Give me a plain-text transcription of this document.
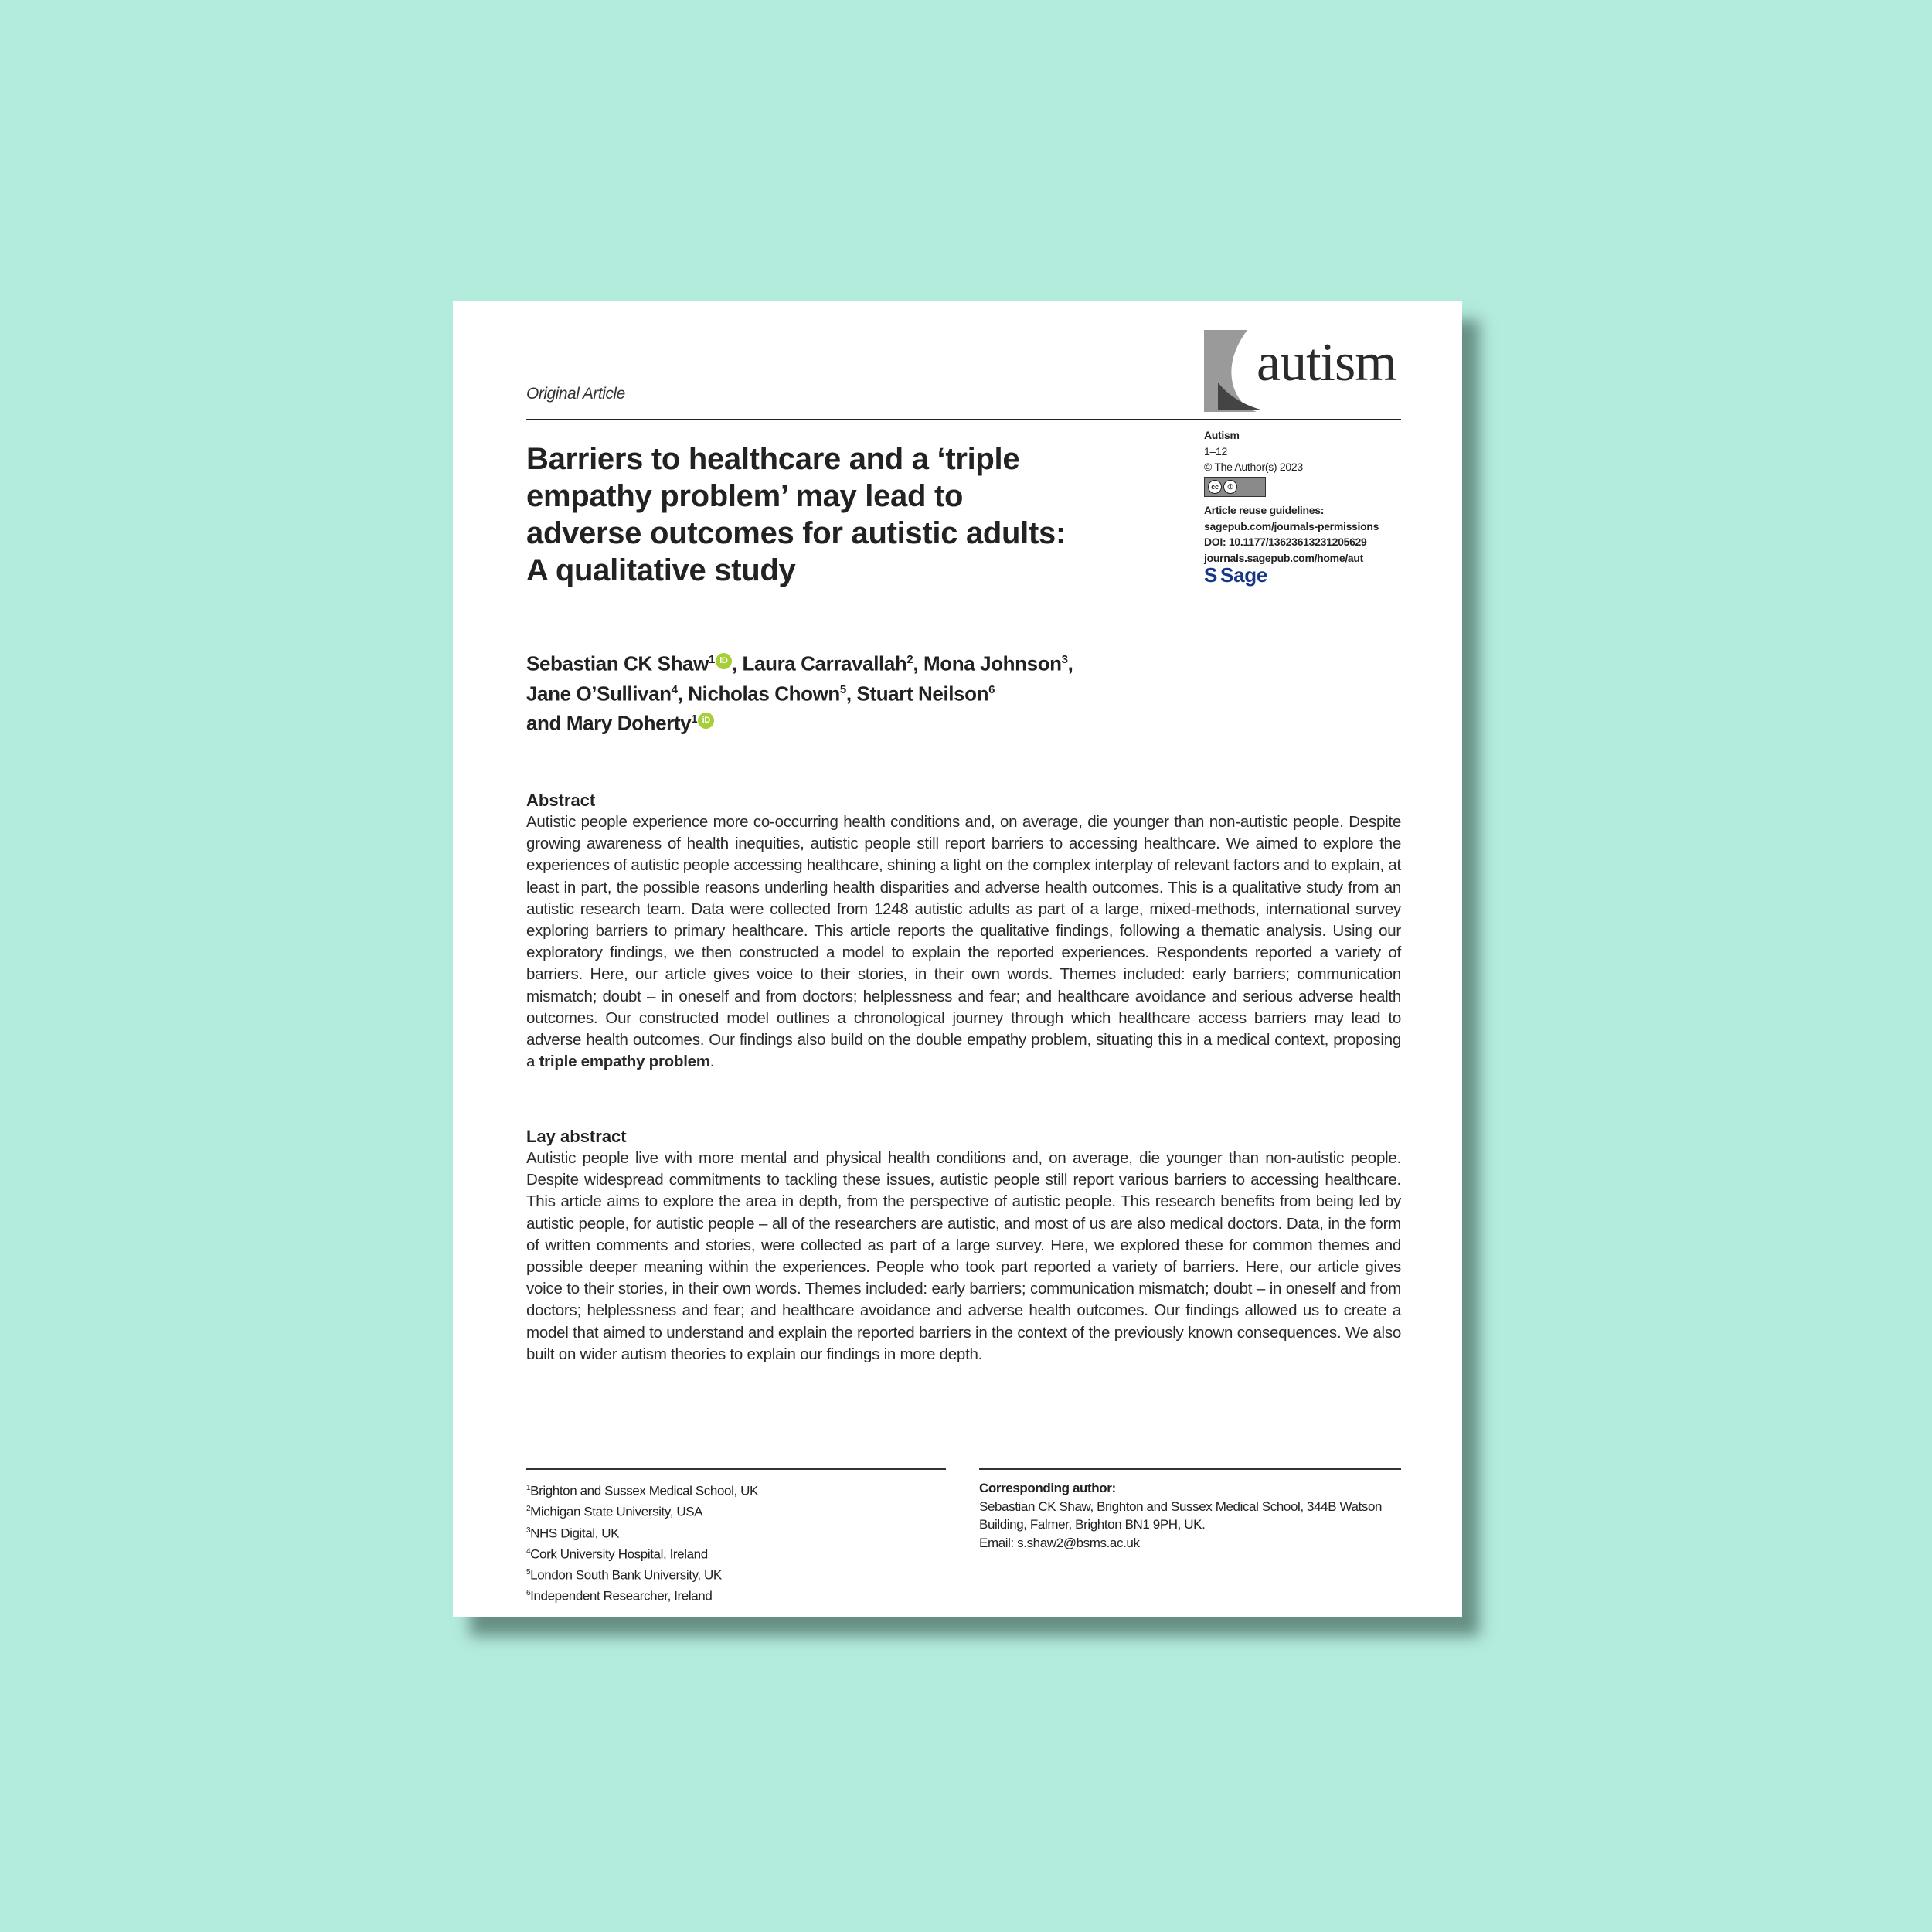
Original Article
autism
Autism
1–12
© The Author(s) 2023
cc	①
Article reuse guidelines:
sagepub.com/journals-permissions
DOI: 10.1177/13623613231205629
journals.sagepub.com/home/aut
S Sage
Barriers to healthcare and a ‘triple empathy problem’ may lead to adverse outcomes for autistic adults: A qualitative study
Sebastian CK Shaw$^1$ iD , Laura Carravallah$^2$, Mona Johnson$^3$,
Jane O’Sullivan$^4$, Nicholas Chown$^5$, Stuart Neilson$^6$
and Mary Doherty$^1$ iD
Abstract
Autistic people experience more co-occurring health conditions and, on average, die younger than non-autistic people. Despite growing awareness of health inequities, autistic people still report barriers to accessing healthcare. We aimed to explore the experiences of autistic people accessing healthcare, shining a light on the complex interplay of relevant factors and to explain, at least in part, the possible reasons underling health disparities and adverse health outcomes. This is a qualitative study from an autistic research team. Data were collected from 1248 autistic adults as part of a large, mixed-methods, international survey exploring barriers to primary healthcare. This article reports the qualitative findings, following a thematic analysis. Using our exploratory findings, we then constructed a model to explain the reported experiences. Respondents reported a variety of barriers. Here, our article gives voice to their stories, in their own words. Themes included: early barriers; communication mismatch; doubt – in oneself and from doctors; helplessness and fear; and healthcare avoidance and serious adverse health outcomes. Our constructed model outlines a chronological journey through which healthcare access barriers may lead to adverse health outcomes. Our findings also build on the double empathy problem, situating this in a medical context, proposing a triple empathy problem.
Lay abstract
Autistic people live with more mental and physical health conditions and, on average, die younger than non-autistic people. Despite widespread commitments to tackling these issues, autistic people still report various barriers to accessing healthcare. This article aims to explore the area in depth, from the perspective of autistic people. This research benefits from being led by autistic people, for autistic people – all of the researchers are autistic, and most of us are also medical doctors. Data, in the form of written comments and stories, were collected as part of a large survey. Here, we explored these for common themes and possible deeper meaning within the experiences. People who took part reported a variety of barriers. Here, our article gives voice to their stories, in their own words. Themes included: early barriers; communication mismatch; doubt – in oneself and from doctors; helplessness and fear; and healthcare avoidance and adverse health outcomes. Our findings allowed us to create a model that aimed to understand and explain the reported barriers in the context of the previously known consequences. We also built on wider autism theories to explain our findings in more depth.
$^1$Brighton and Sussex Medical School, UK
$^2$Michigan State University, USA
$^3$NHS Digital, UK
$^4$Cork University Hospital, Ireland
$^5$London South Bank University, UK
$^6$Independent Researcher, Ireland
Corresponding author:
Sebastian CK Shaw, Brighton and Sussex Medical School, 344B Watson Building, Falmer, Brighton BN1 9PH, UK.
Email: s.shaw2@bsms.ac.uk
